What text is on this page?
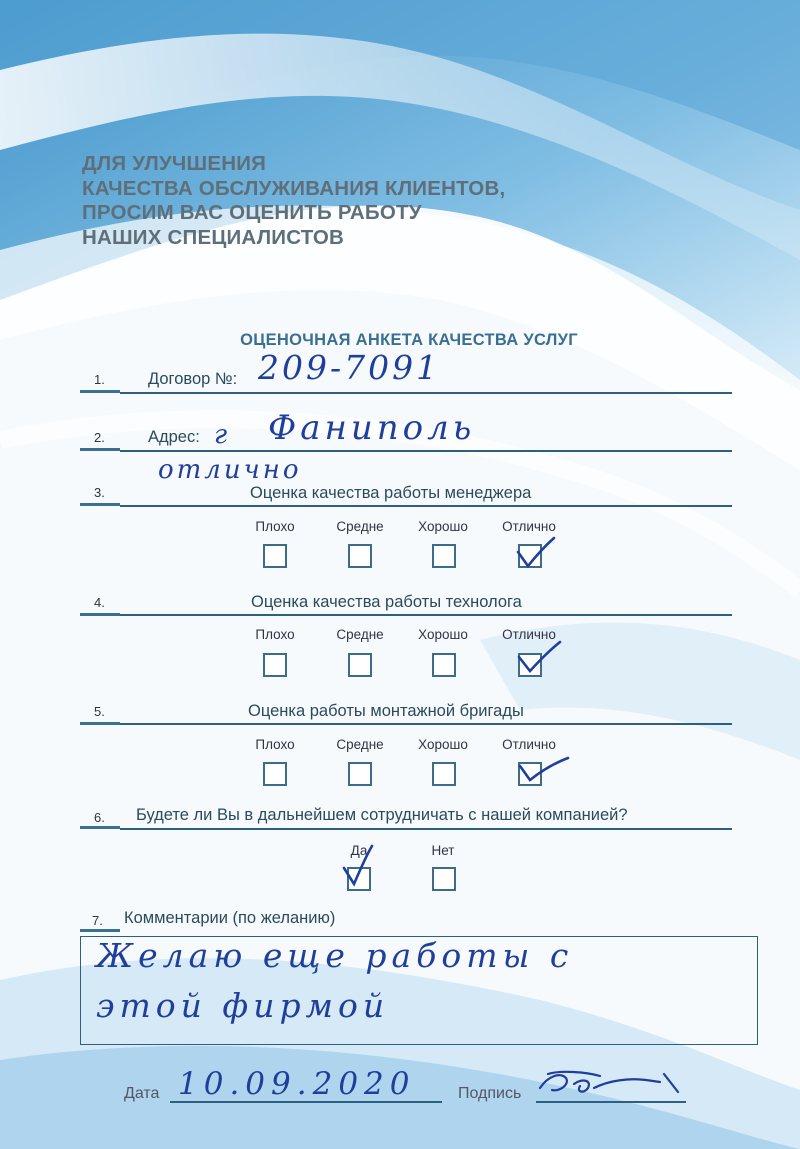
ДЛЯ УЛУЧШЕНИЯ
КАЧЕСТВА ОБСЛУЖИВАНИЯ КЛИЕНТОВ,
ПРОСИМ ВАС ОЦЕНИТЬ РАБОТУ
НАШИХ СПЕЦИАЛИСТОВ
ОЦЕНОЧНАЯ АНКЕТА КАЧЕСТВА УСЛУГ
1.	Договор №: 209-7091
2.	Адрес: г Фаниполь
отлично
3.	Оценка качества работы менеджера
Плохо	Средне	Хорошо	Отлично
4.	Оценка качества работы технолога
Плохо	Средне	Хорошо	Отлично
5.	Оценка работы монтажной бригады
Плохо	Средне	Хорошо	Отлично
6. Будете ли Вы в дальнейшем сотрудничать с нашей компанией?
Да	Нет
7. Комментарии (по желанию)
Желаю еще работы с
этой фирмой
Дата 10.09.2020	Подпись
